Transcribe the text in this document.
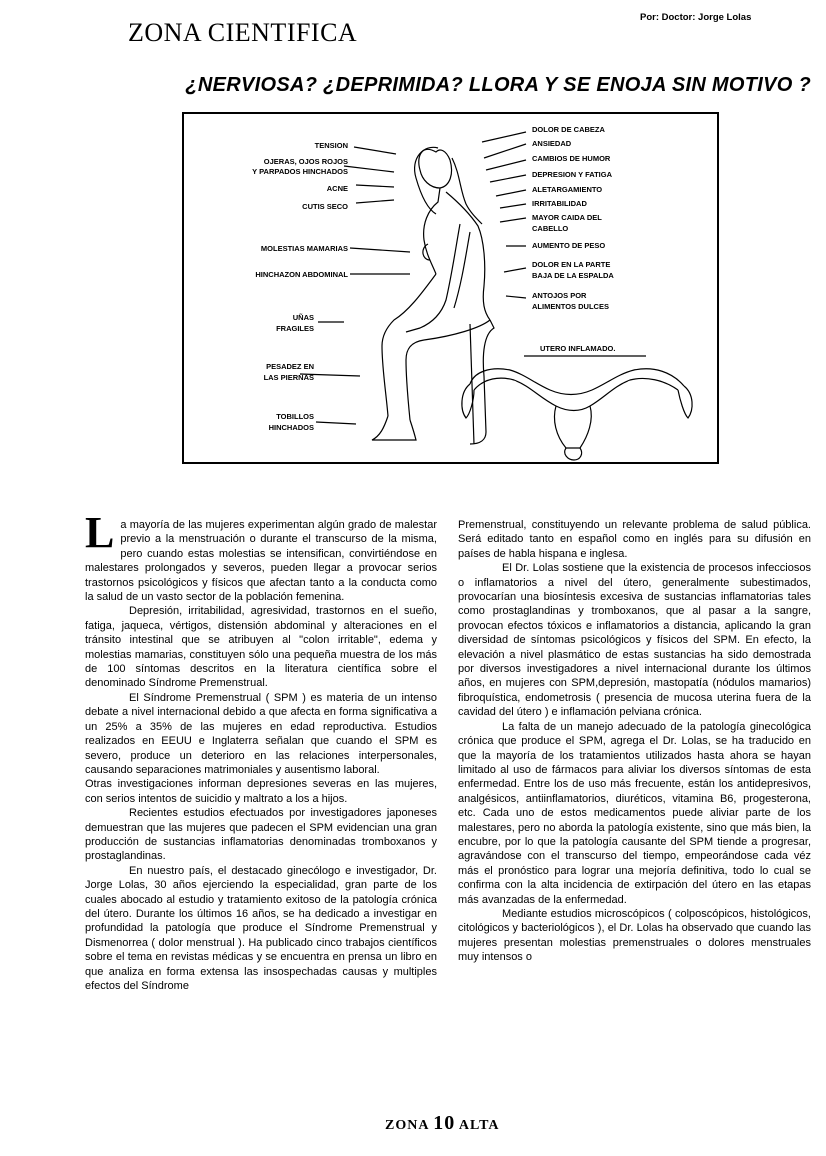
ZONA CIENTIFICA
Por: Doctor: Jorge Lolas
¿NERVIOSA? ¿DEPRIMIDA? LLORA Y SE ENOJA SIN MOTIVO ?
TENSION
OJERAS, OJOS ROJOS
Y PARPADOS HINCHADOS
ACNE
CUTIS SECO
MOLESTIAS MAMARIAS
HINCHAZON ABDOMINAL
UÑAS
FRAGILES
PESADEZ EN
LAS PIERNAS
TOBILLOS
HINCHADOS
DOLOR DE CABEZA
ANSIEDAD
CAMBIOS DE HUMOR
DEPRESION Y FATIGA
ALETARGAMIENTO
IRRITABILIDAD
MAYOR CAIDA DEL
CABELLO
AUMENTO DE PESO
DOLOR EN LA PARTE
BAJA DE LA ESPALDA
ANTOJOS POR
ALIMENTOS DULCES
UTERO INFLAMADO.

La mayoría de las mujeres experimentan algún grado de malestar previo a la menstruación o durante el transcurso de la misma, pero cuando estas molestias se intensifican, convirtiéndose en malestares prolongados y severos, pueden llegar a provocar serios trastornos psicológicos y físicos que afectan tanto a la conducta como la salud de un vasto sector de la población femenina.

Depresión, irritabilidad, agresividad, trastornos en el sueño, fatiga, jaqueca, vértigos, distensión abdominal y alteraciones en el tránsito intestinal que se atribuyen al "colon irritable", edema y molestias mamarias, constituyen sólo una pequeña muestra de los más de 100 síntomas descritos en la literatura científica sobre el denominado Síndrome Premenstrual.

El Síndrome Premenstrual ( SPM ) es materia de un intenso debate a nivel internacional debido a que afecta en forma significativa a un 25% a 35% de las mujeres en edad reproductiva. Estudios realizados en EEUU e Inglaterra señalan que cuando el SPM es severo, produce un deterioro en las relaciones interpersonales, causando separaciones matrimoniales y ausentismo laboral.

Otras investigaciones informan depresiones severas en las mujeres, con serios intentos de suicidio y maltrato a los a hijos.

Recientes estudios efectuados por investigadores japoneses demuestran que las mujeres que padecen el SPM evidencian una gran producción de sustancias inflamatorias denominadas tromboxanos y prostaglandinas.

En nuestro país, el destacado ginecólogo e investigador, Dr. Jorge Lolas, 30 años ejerciendo la especialidad, gran parte de los cuales abocado al estudio y tratamiento exitoso de la patología crónica del útero. Durante los últimos 16 años, se ha dedicado a investigar en profundidad la patología que produce el Síndrome Premenstrual y Dismenorrea ( dolor menstrual ). Ha publicado cinco trabajos científicos sobre el tema en revistas médicas y se encuentra en prensa un libro en que analiza en forma extensa las insospechadas causas y multiples efectos del Síndrome

Premenstrual, constituyendo un relevante problema de salud pública. Será editado tanto en español como en inglés para su difusión en países de habla hispana e inglesa.

El Dr. Lolas sostiene que la existencia de procesos infecciosos o inflamatorios a nivel del útero, generalmente subestimados, provocarían una biosíntesis excesiva de sustancias inflamatorias tales como prostaglandinas y tromboxanos, que al pasar a la sangre, provocan efectos tóxicos e inflamatorios a distancia, aplicando la gran diversidad de síntomas psicológicos y físicos del SPM. En efecto, la elevación a nivel plasmático de estas sustancias ha sido demostrada por diversos investigadores a nivel internacional durante los últimos años, en mujeres con SPM,depresión, mastopatía (nódulos mamarios) fibroquística, endometrosis ( presencia de mucosa uterina fuera de la cavidad del útero ) e inflamación pelviana crónica.

La falta de un manejo adecuado de la patología ginecológica crónica que produce el SPM, agrega el Dr. Lolas, se ha traducido en que la mayoría de los tratamientos utilizados hasta ahora se hayan limitado al uso de fármacos para aliviar los diversos síntomas de esta enfermedad. Entre los de uso más frecuente, están los antidepresivos, analgésicos, antiinflamatorios, diuréticos, vitamina B6, progesterona, etc. Cada uno de estos medicamentos puede aliviar parte de los malestares, pero no aborda la patología existente, sino que más bien, la encubre, por lo que la patología causante del SPM tiende a progresar, agravándose con el transcurso del tiempo, empeorándose cada véz más el pronóstico para lograr una mejoría definitiva, todo lo cual se confirma con la alta incidencia de extirpación del útero en las etapas más avanzadas de la enfermedad.

Mediante estudios microscópicos ( colposcópicos, histológicos, citológicos y bacteriológicos ), el Dr. Lolas ha observado que cuando las mujeres presentan molestias premenstruales o dolores menstruales muy intensos o

ZONA 10 ALTA
